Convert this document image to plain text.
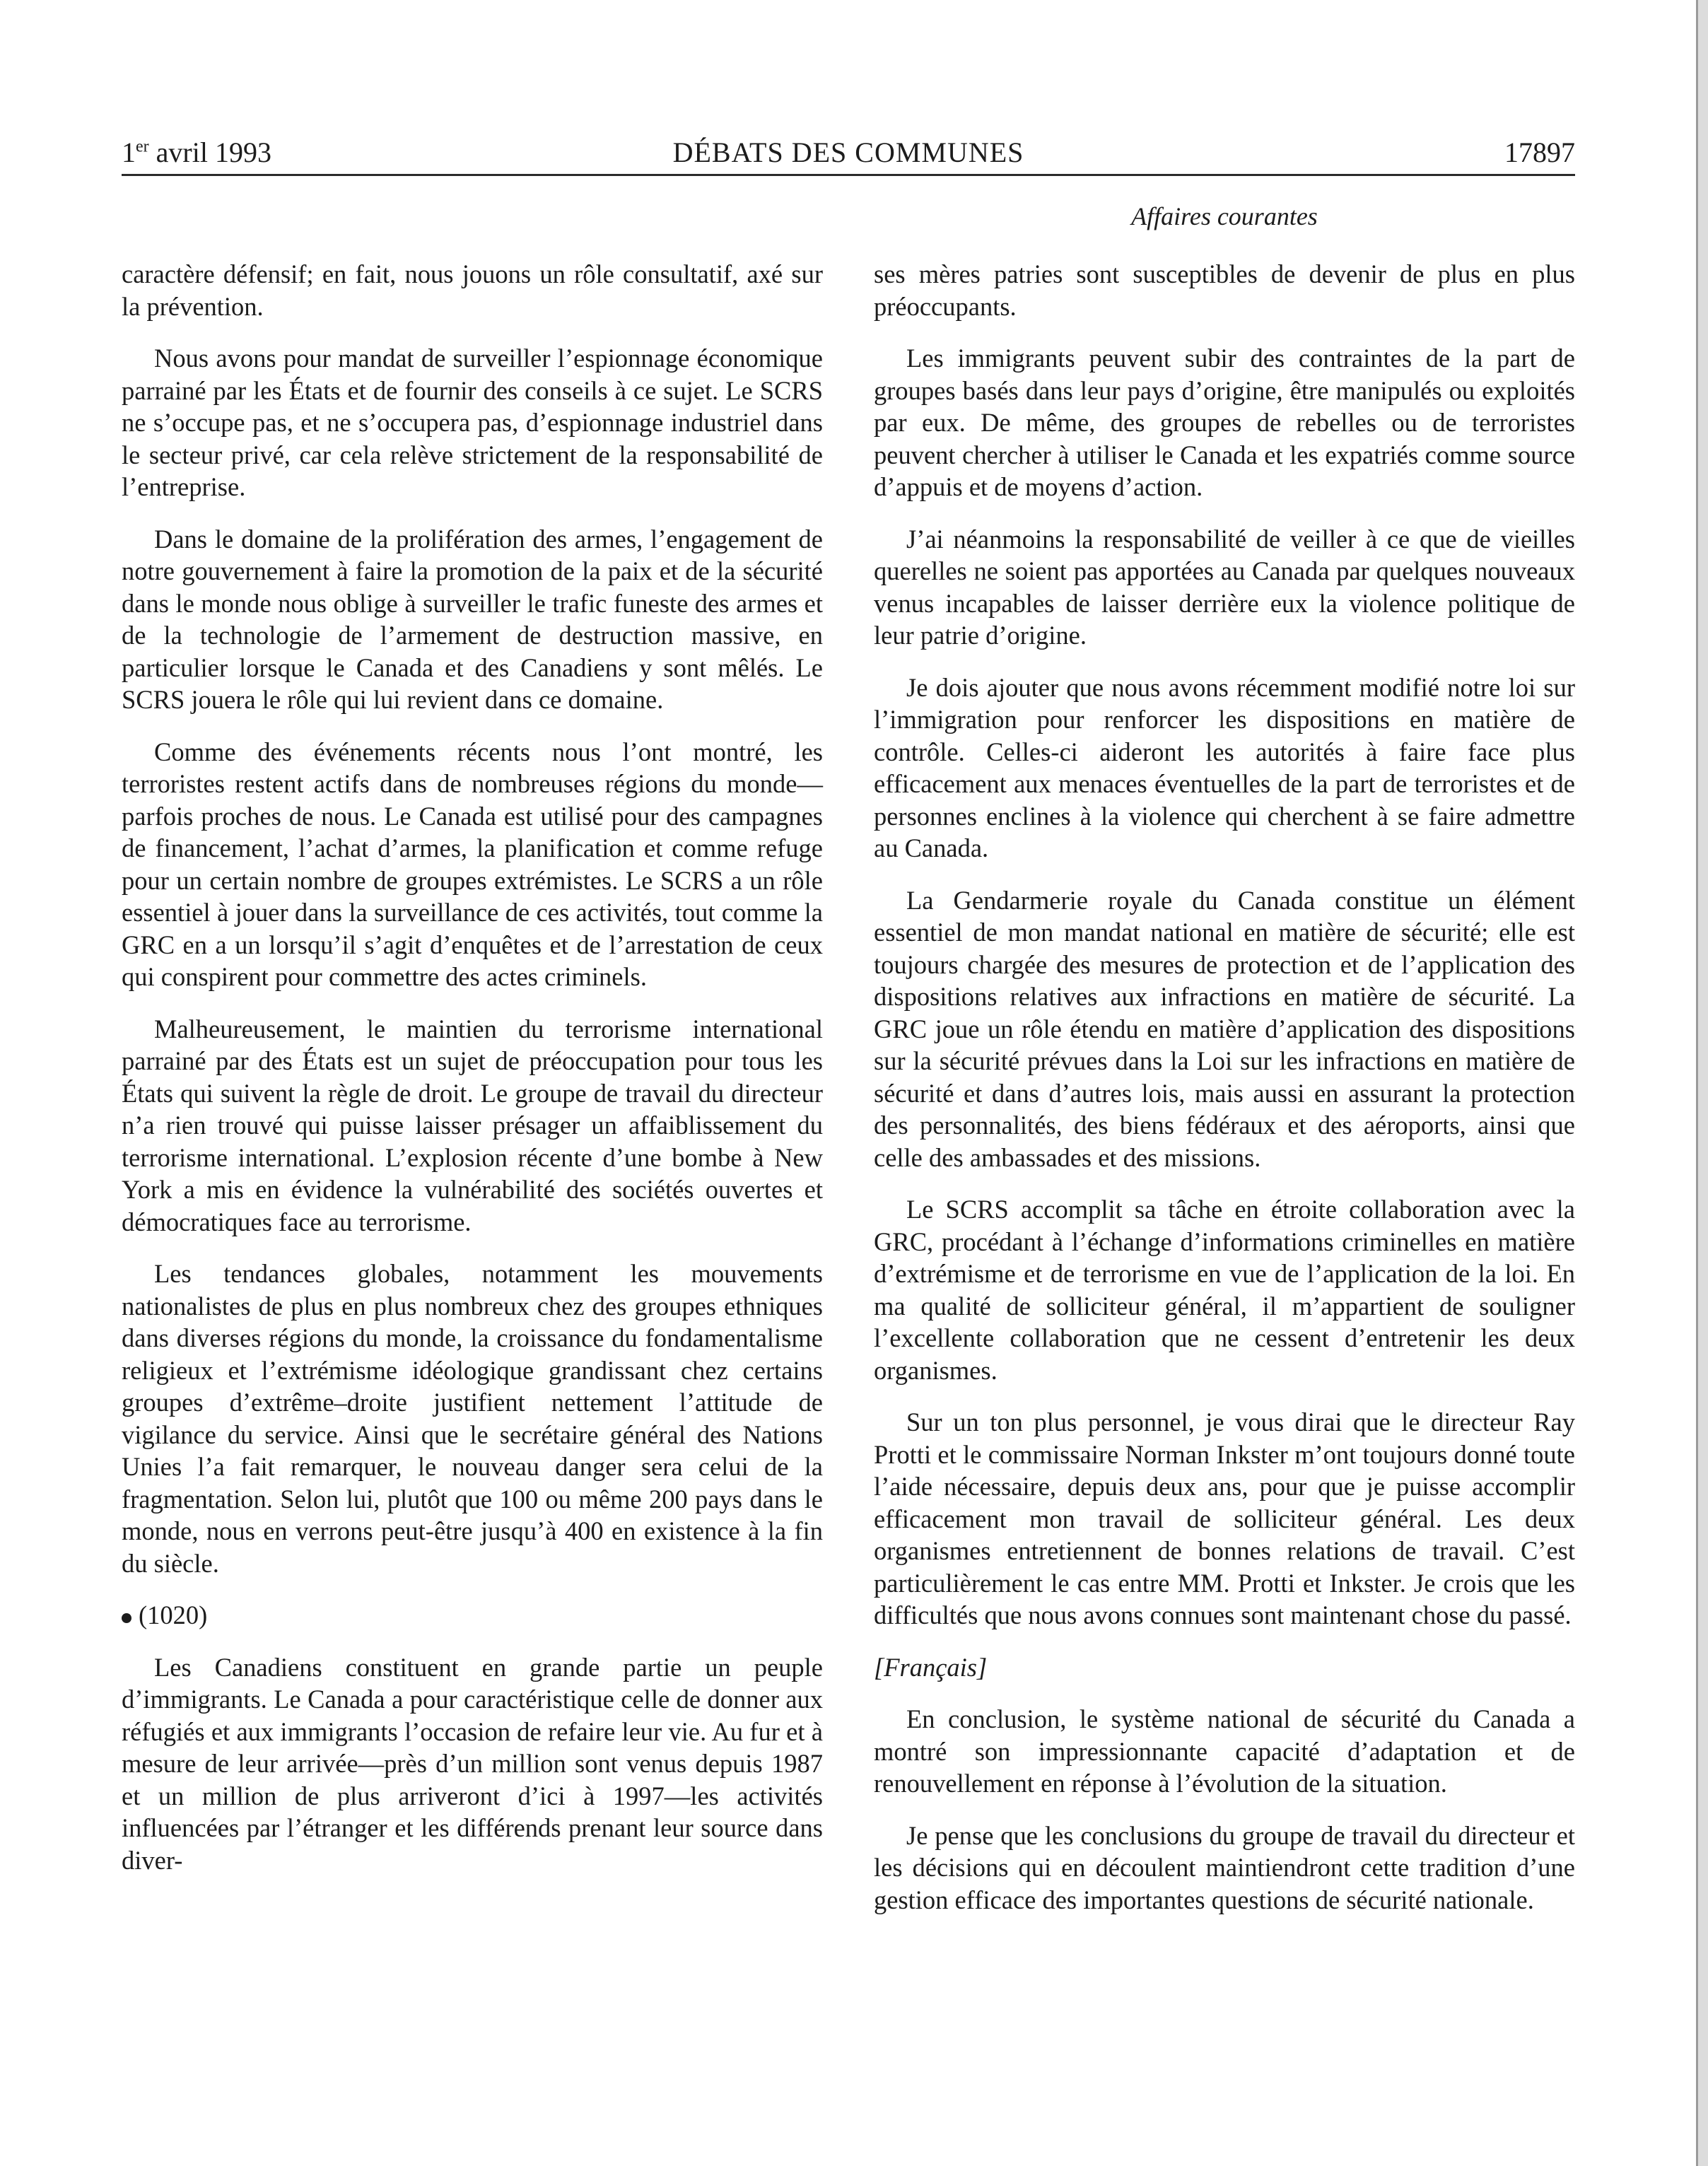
1er avril 1993	DÉBATS DES COMMUNES	17897
Affaires courantes

caractère défensif; en fait, nous jouons un rôle consultatif, axé sur la prévention.

Nous avons pour mandat de surveiller l’espionnage économique parrainé par les États et de fournir des conseils à ce sujet. Le SCRS ne s’occupe pas, et ne s’occupera pas, d’espionnage industriel dans le secteur privé, car cela relève strictement de la responsabilité de l’entreprise.

Dans le domaine de la prolifération des armes, l’engagement de notre gouvernement à faire la promotion de la paix et de la sécurité dans le monde nous oblige à surveiller le trafic funeste des armes et de la technologie de l’armement de destruction massive, en particulier lorsque le Canada et des Canadiens y sont mêlés. Le SCRS jouera le rôle qui lui revient dans ce domaine.

Comme des événements récents nous l’ont montré, les terroristes restent actifs dans de nombreuses régions du monde—parfois proches de nous. Le Canada est utilisé pour des campagnes de financement, l’achat d’armes, la planification et comme refuge pour un certain nombre de groupes extrémistes. Le SCRS a un rôle essentiel à jouer dans la surveillance de ces activités, tout comme la GRC en a un lorsqu’il s’agit d’enquêtes et de l’arrestation de ceux qui conspirent pour commettre des actes criminels.

Malheureusement, le maintien du terrorisme international parrainé par des États est un sujet de préoccupation pour tous les États qui suivent la règle de droit. Le groupe de travail du directeur n’a rien trouvé qui puisse laisser présager un affaiblissement du terrorisme international. L’explosion récente d’une bombe à New York a mis en évidence la vulnérabilité des sociétés ouvertes et démocratiques face au terrorisme.

Les tendances globales, notamment les mouvements nationalistes de plus en plus nombreux chez des groupes ethniques dans diverses régions du monde, la croissance du fondamentalisme religieux et l’extrémisme idéologique grandissant chez certains groupes d’extrême–droite justifient nettement l’attitude de vigilance du service. Ainsi que le secrétaire général des Nations Unies l’a fait remarquer, le nouveau danger sera celui de la fragmentation. Selon lui, plutôt que 100 ou même 200 pays dans le monde, nous en verrons peut-être jusqu’à 400 en existence à la fin du siècle.

(1020)

Les Canadiens constituent en grande partie un peuple d’immigrants. Le Canada a pour caractéristique celle de donner aux réfugiés et aux immigrants l’occasion de refaire leur vie. Au fur et à mesure de leur arrivée—près d’un million sont venus depuis 1987 et un million de plus arriveront d’ici à 1997—les activités influencées par l’étranger et les différends prenant leur source dans diver-

ses mères patries sont susceptibles de devenir de plus en plus préoccupants.

Les immigrants peuvent subir des contraintes de la part de groupes basés dans leur pays d’origine, être manipulés ou exploités par eux. De même, des groupes de rebelles ou de terroristes peuvent chercher à utiliser le Canada et les expatriés comme source d’appuis et de moyens d’action.

J’ai néanmoins la responsabilité de veiller à ce que de vieilles querelles ne soient pas apportées au Canada par quelques nouveaux venus incapables de laisser derrière eux la violence politique de leur patrie d’origine.

Je dois ajouter que nous avons récemment modifié notre loi sur l’immigration pour renforcer les dispositions en matière de contrôle. Celles-ci aideront les autorités à faire face plus efficacement aux menaces éventuelles de la part de terroristes et de personnes enclines à la violence qui cherchent à se faire admettre au Canada.

La Gendarmerie royale du Canada constitue un élément essentiel de mon mandat national en matière de sécurité; elle est toujours chargée des mesures de protection et de l’application des dispositions relatives aux infractions en matière de sécurité. La GRC joue un rôle étendu en matière d’application des dispositions sur la sécurité prévues dans la Loi sur les infractions en matière de sécurité et dans d’autres lois, mais aussi en assurant la protection des personnalités, des biens fédéraux et des aéroports, ainsi que celle des ambassades et des missions.

Le SCRS accomplit sa tâche en étroite collaboration avec la GRC, procédant à l’échange d’informations criminelles en matière d’extrémisme et de terrorisme en vue de l’application de la loi. En ma qualité de solliciteur général, il m’appartient de souligner l’excellente collaboration que ne cessent d’entretenir les deux organismes.

Sur un ton plus personnel, je vous dirai que le directeur Ray Protti et le commissaire Norman Inkster m’ont toujours donné toute l’aide nécessaire, depuis deux ans, pour que je puisse accomplir efficacement mon travail de solliciteur général. Les deux organismes entretiennent de bonnes relations de travail. C’est particulièrement le cas entre MM. Protti et Inkster. Je crois que les difficultés que nous avons connues sont maintenant chose du passé.

[Français]

En conclusion, le système national de sécurité du Canada a montré son impressionnante capacité d’adaptation et de renouvellement en réponse à l’évolution de la situation.

Je pense que les conclusions du groupe de travail du directeur et les décisions qui en découlent maintiendront cette tradition d’une gestion efficace des importantes questions de sécurité nationale.
